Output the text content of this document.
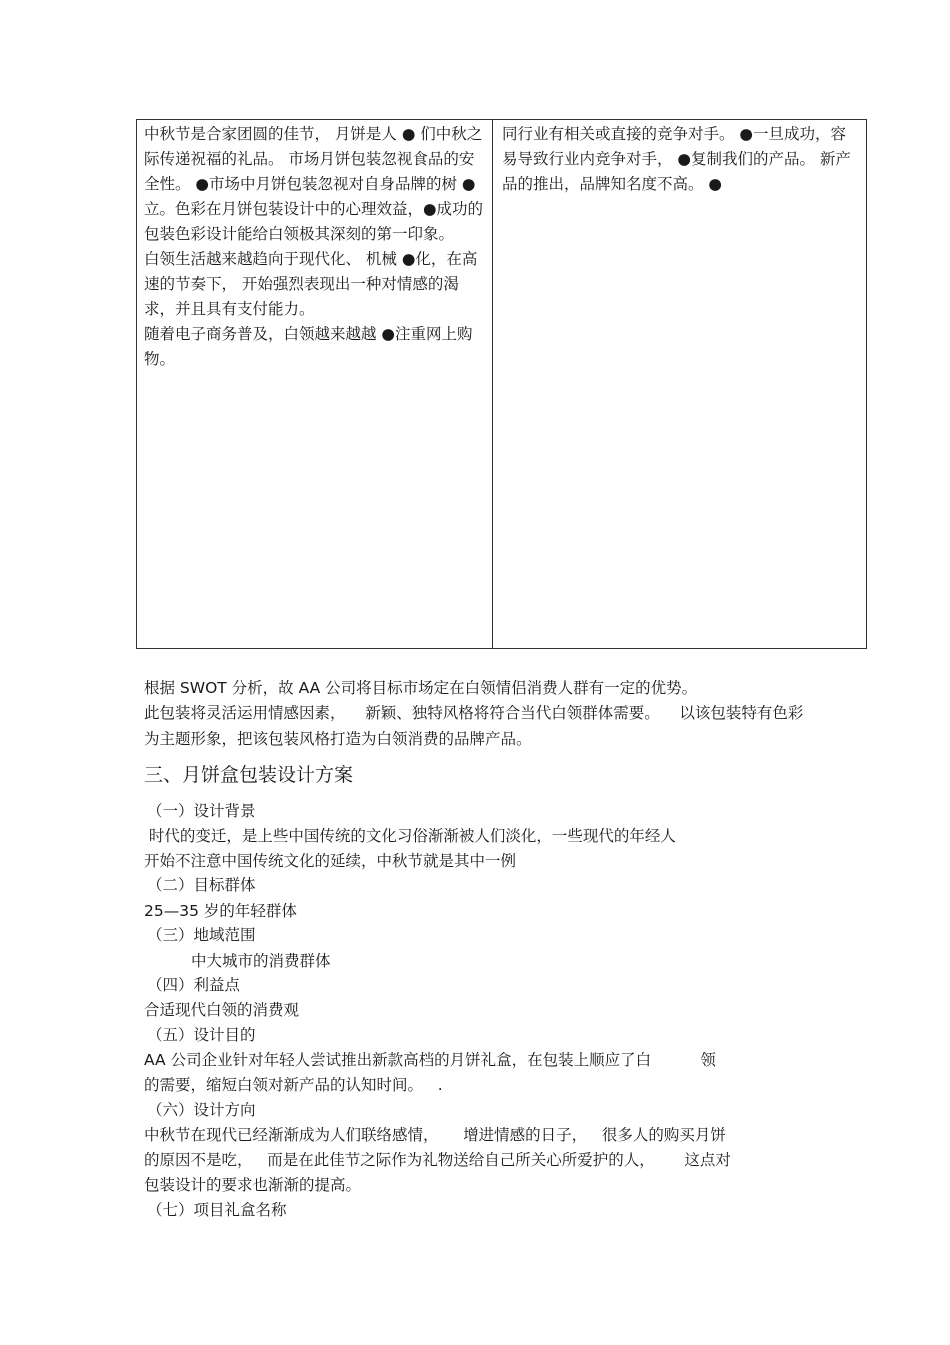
中秋节是合家团圆的佳节， 月饼是人 ● 们中秋之际传递祝福的礼品。 市场月饼包装忽视食品的安全性。 ●市场中月饼包装忽视对自身品牌的树 ●
立。色彩在月饼包装设计中的心理效益，●成功的包装色彩设计能给白领极其深刻的第一印象。
白领生活越来越趋向于现代化、 机械 ●化，在高速的节奏下， 开始强烈表现出一种对情感的渴求，并且具有支付能力。
随着电子商务普及，白领越来越越 ●注重网上购物。
同行业有相关或直接的竞争对手。 ●一旦成功，容易导致行业内竞争对手， ●复制我们的产品。 新产品的推出，品牌知名度不高。 ●
根据 SWOT 分析，故 AA 公司将目标市场定在白领情侣消费人群有一定的优势。
此包装将灵活运用情感因素，    新颖、独特风格将符合当代白领群体需要。    以该包装特有色彩为主题形象，把该包装风格打造为白领消费的品牌产品。
三、月饼盒包装设计方案
（一）设计背景
时代的变迁，是上些中国传统的文化习俗渐渐被人们淡化，一些现代的年经人
开始不注意中国传统文化的延续，中秋节就是其中一例
（二）目标群体
25—35 岁的年轻群体
（三）地域范围
中大城市的消费群体
（四）利益点
合适现代白领的消费观
（五）设计目的
AA 公司企业针对年轻人尝试推出新款高档的月饼礼盒，在包装上顺应了白          领
的需要，缩短白领对新产品的认知时间。   .
（六）设计方向
中秋节在现代已经渐渐成为人们联络感情，     增进情感的日子，   很多人的购买月饼
的原因不是吃，   而是在此佳节之际作为礼物送给自己所关心所爱护的人，      这点对
包装设计的要求也渐渐的提高。
（七）项目礼盒名称
